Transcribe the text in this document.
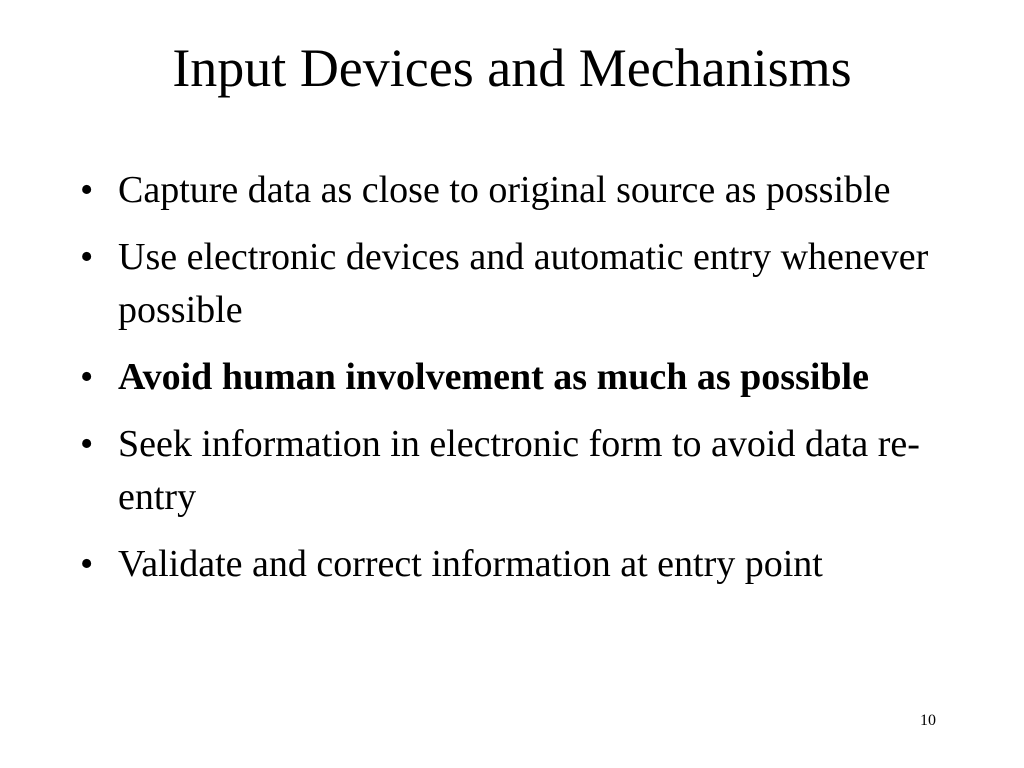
Input Devices and Mechanisms
• Capture data as close to original source as possible
• Use electronic devices and automatic entry whenever possible
• Avoid human involvement as much as possible
• Seek information in electronic form to avoid data re-entry
• Validate and correct information at entry point
10
